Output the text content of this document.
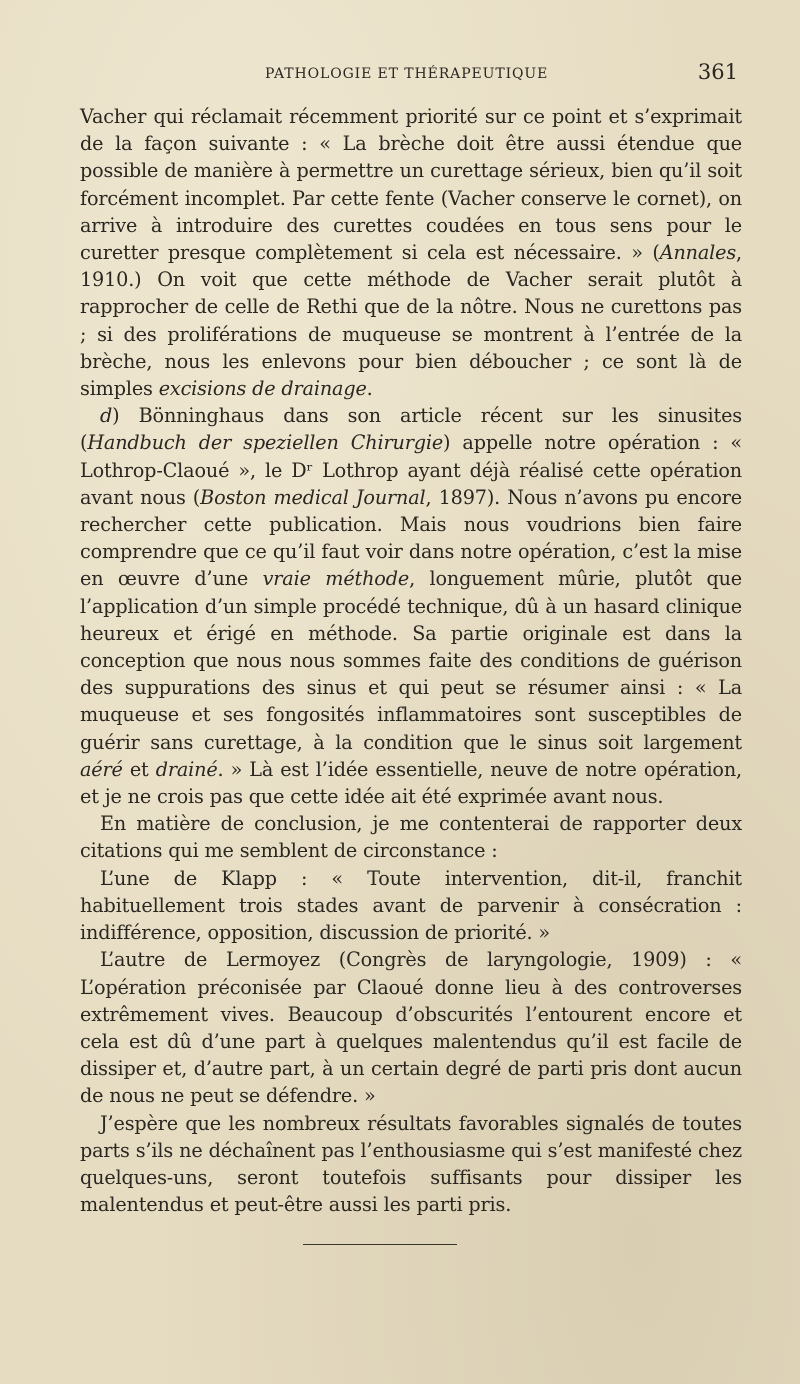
PATHOLOGIE ET THÉRAPEUTIQUE	361

Vacher qui réclamait récemment priorité sur ce point et s’exprimait de la façon suivante : « La brèche doit être aussi étendue que possible de manière à permettre un curettage sérieux, bien qu’il soit forcément incomplet. Par cette fente (Vacher conserve le cornet), on arrive à introduire des curettes coudées en tous sens pour le curetter presque complètement si cela est nécessaire. » (Annales, 1910.) On voit que cette méthode de Vacher serait plutôt à rapprocher de celle de Rethi que de la nôtre. Nous ne curettons pas ; si des proliférations de muqueuse se montrent à l’entrée de la brèche, nous les enlevons pour bien déboucher ; ce sont là de simples excisions de drainage.

d) Bönninghaus dans son article récent sur les sinusites (Handbuch der speziellen Chirurgie) appelle notre opération : « Lothrop-Claoué », le Dʳ Lothrop ayant déjà réalisé cette opération avant nous (Boston medical Journal, 1897). Nous n’avons pu encore rechercher cette publication. Mais nous voudrions bien faire comprendre que ce qu’il faut voir dans notre opération, c’est la mise en œuvre d’une vraie méthode, longuement mûrie, plutôt que l’application d’un simple procédé technique, dû à un hasard clinique heureux et érigé en méthode. Sa partie originale est dans la conception que nous nous sommes faite des conditions de guérison des suppurations des sinus et qui peut se résumer ainsi : « La muqueuse et ses fongosités inflammatoires sont susceptibles de guérir sans curettage, à la condition que le sinus soit largement aéré et drainé. » Là est l’idée essentielle, neuve de notre opération, et je ne crois pas que cette idée ait été exprimée avant nous.

En matière de conclusion, je me contenterai de rapporter deux citations qui me semblent de circonstance :

L’une de Klapp : « Toute intervention, dit-il, franchit habituellement trois stades avant de parvenir à consécration : indifférence, opposition, discussion de priorité. »

L’autre de Lermoyez (Congrès de laryngologie, 1909) : « L’opération préconisée par Claoué donne lieu à des controverses extrêmement vives. Beaucoup d’obscurités l’entourent encore et cela est dû d’une part à quelques malentendus qu’il est facile de dissiper et, d’autre part, à un certain degré de parti pris dont aucun de nous ne peut se défendre. »

J’espère que les nombreux résultats favorables signalés de toutes parts s’ils ne déchaînent pas l’enthousiasme qui s’est manifesté chez quelques-uns, seront toutefois suffisants pour dissiper les malentendus et peut-être aussi les parti pris.
